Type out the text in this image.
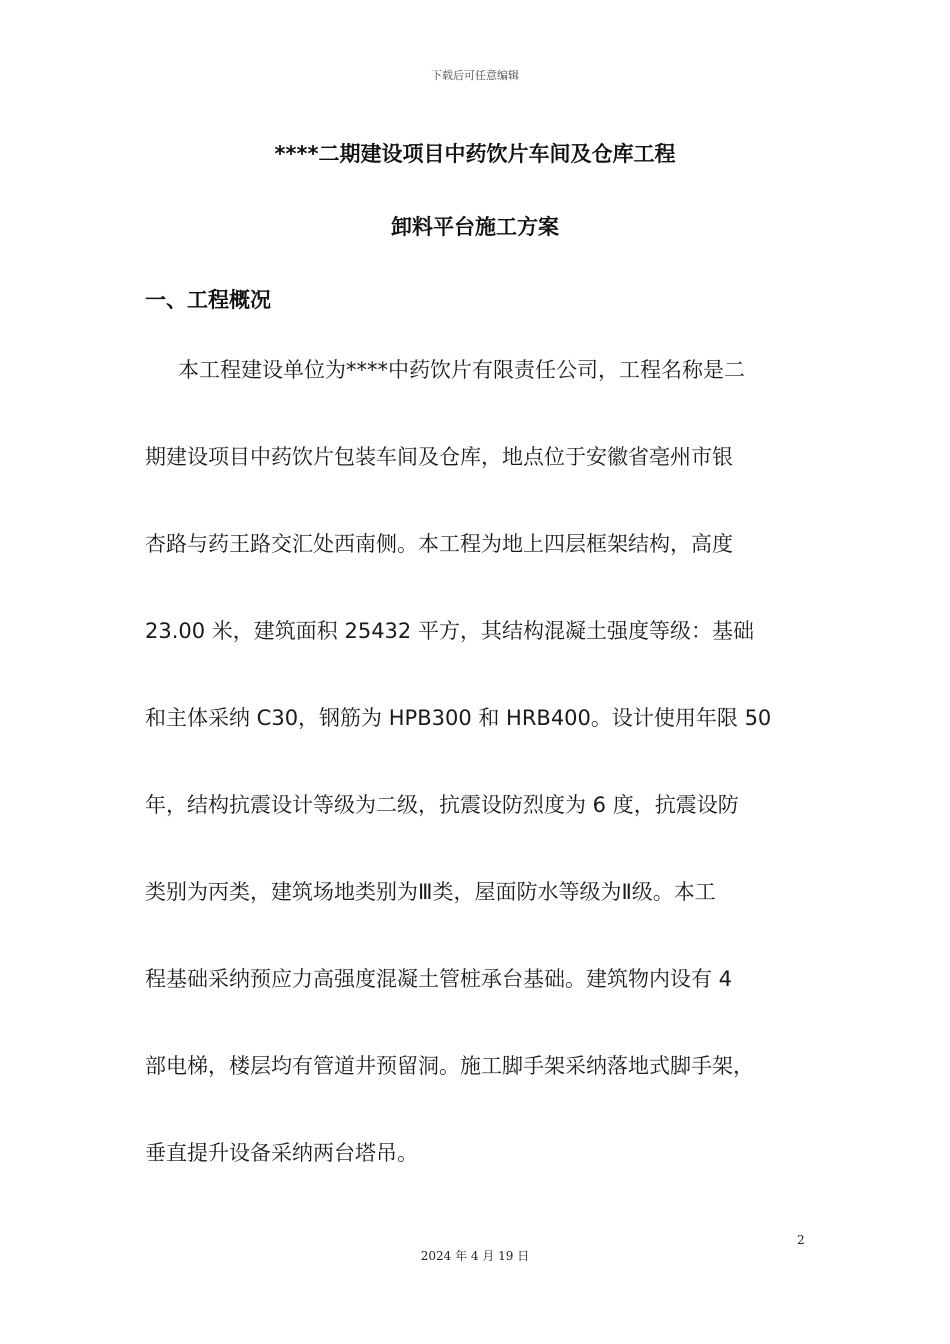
下载后可任意编辑
****二期建设项目中药饮片车间及仓库工程
卸料平台施工方案
一、工程概况
本工程建设单位为****中药饮片有限责任公司，工程名称是二
期建设项目中药饮片包装车间及仓库，地点位于安徽省亳州市银
杏路与药王路交汇处西南侧。本工程为地上四层框架结构，高度
23.00 米，建筑面积 25432 平方，其结构混凝土强度等级：基础
和主体采纳 C30，钢筋为 HPB300 和 HRB400。设计使用年限 50
年，结构抗震设计等级为二级，抗震设防烈度为 6 度，抗震设防
类别为丙类，建筑场地类别为Ⅲ类，屋面防水等级为Ⅱ级。本工
程基础采纳预应力高强度混凝土管桩承台基础。建筑物内设有 4
部电梯，楼层均有管道井预留洞。施工脚手架采纳落地式脚手架，
垂直提升设备采纳两台塔吊。
2
2024 年 4 月 19 日
